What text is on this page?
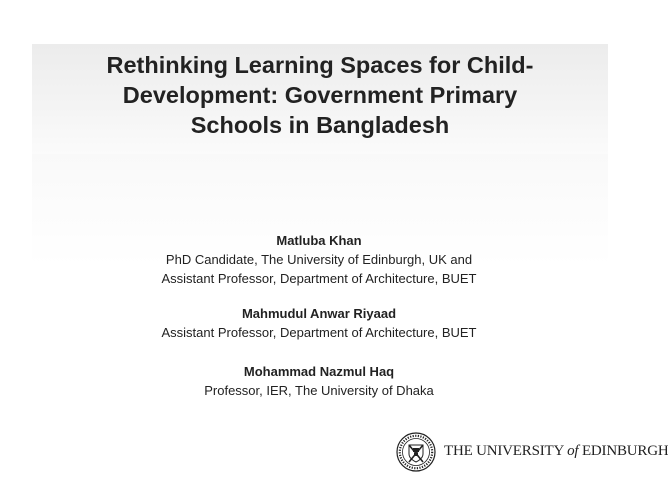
Rethinking Learning Spaces for Child-
Development: Government Primary
Schools in Bangladesh
Matluba Khan
PhD Candidate, The University of Edinburgh, UK and
Assistant Professor, Department of Architecture, BUET
Mahmudul Anwar Riyaad
Assistant Professor, Department of Architecture, BUET
Mohammad Nazmul Haq
Professor, IER, The University of Dhaka
THE UNIVERSITY of EDINBURGH
